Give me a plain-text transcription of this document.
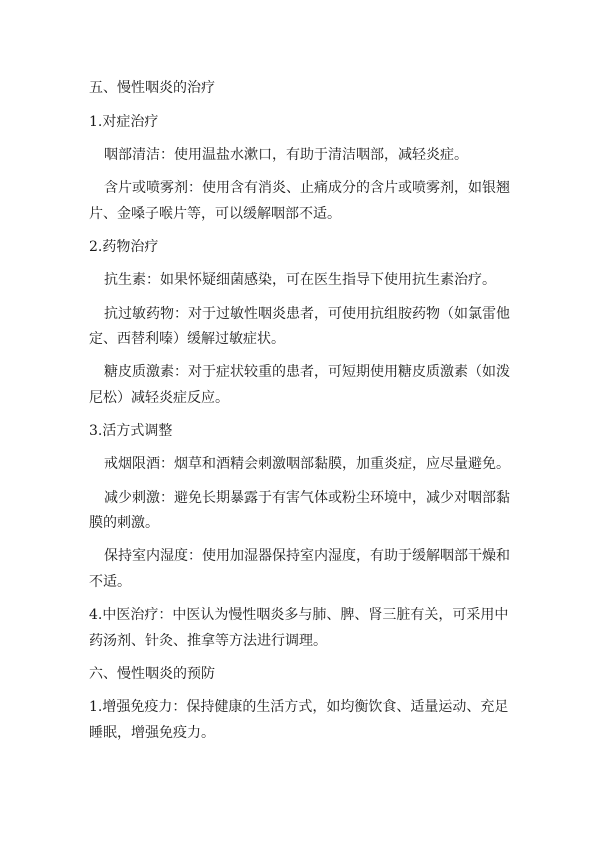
五、慢性咽炎的治疗
1.对症治疗
咽部清洁：使用温盐水漱口，有助于清洁咽部，减轻炎症。
含片或喷雾剂：使用含有消炎、止痛成分的含片或喷雾剂，如银翘
片、金嗓子喉片等，可以缓解咽部不适。
2.药物治疗
抗生素：如果怀疑细菌感染，可在医生指导下使用抗生素治疗。
抗过敏药物：对于过敏性咽炎患者，可使用抗组胺药物（如氯雷他
定、西替利嗪）缓解过敏症状。
糖皮质激素：对于症状较重的患者，可短期使用糖皮质激素（如泼
尼松）减轻炎症反应。
3.活方式调整
戒烟限酒：烟草和酒精会刺激咽部黏膜，加重炎症，应尽量避免。
减少刺激：避免长期暴露于有害气体或粉尘环境中，减少对咽部黏
膜的刺激。
保持室内湿度：使用加湿器保持室内湿度，有助于缓解咽部干燥和
不适。
4.中医治疗：中医认为慢性咽炎多与肺、脾、肾三脏有关，可采用中
药汤剂、针灸、推拿等方法进行调理。
六、慢性咽炎的预防
1.增强免疫力：保持健康的生活方式，如均衡饮食、适量运动、充足
睡眠，增强免疫力。
